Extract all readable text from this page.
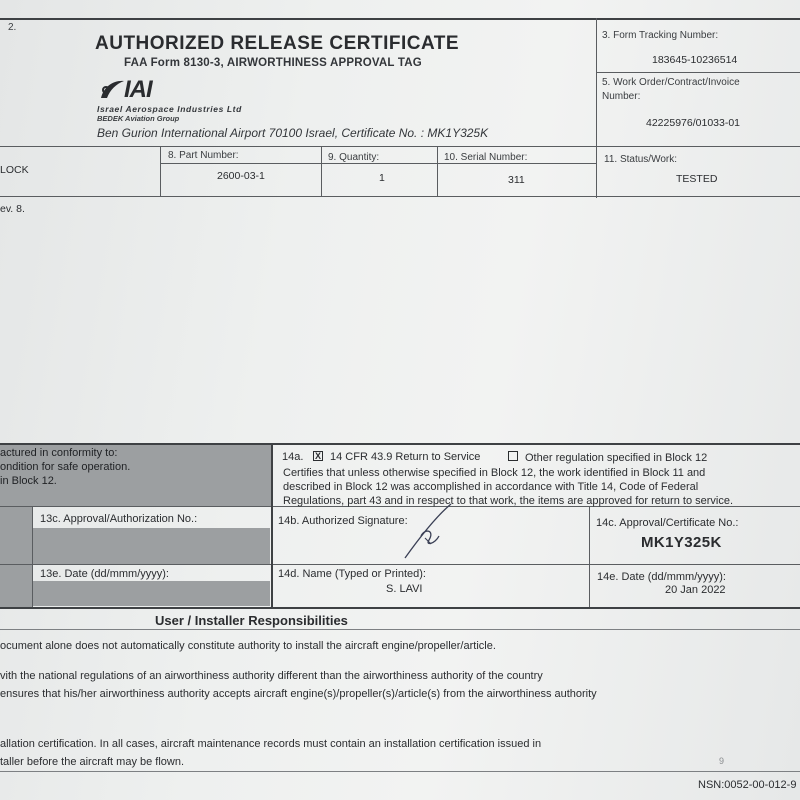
2.
AUTHORIZED RELEASE CERTIFICATE
FAA Form 8130-3, AIRWORTHINESS APPROVAL TAG
IAI
Israel Aerospace Industries Ltd
BEDEK Aviation Group
Ben Gurion International Airport 70100 Israel, Certificate No. : MK1Y325K
3. Form Tracking Number:
183645-10236514
5. Work Order/Contract/Invoice
Number:
42225976/01033-01
LOCK
8. Part Number:
2600-03-1
9. Quantity:
1
10. Serial Number:
311
11. Status/Work:
TESTED
ev. 8.
actured in conformity to:
ondition for safe operation.
in Block 12.
13c. Approval/Authorization No.:
13e. Date (dd/mmm/yyyy):
14a. X 14 CFR 43.9 Return to Service	Other regulation specified in Block 12
Certifies that unless otherwise specified in Block 12, the work identified in Block 11 and
described in Block 12 was accomplished in accordance with Title 14, Code of Federal
Regulations, part 43 and in respect to that work, the items are approved for return to service.
14b. Authorized Signature:	14c. Approval/Certificate No.:
MK1Y325K
14d. Name (Typed or Printed):
S. LAVI
14e. Date (dd/mmm/yyyy):
20 Jan 2022
User / Installer Responsibilities
ocument alone does not automatically constitute authority to install the aircraft engine/propeller/article.
vith the national regulations of an airworthiness authority different than the airworthiness authority of the country
ensures that his/her airworthiness authority accepts aircraft engine(s)/propeller(s)/article(s) from the airworthiness authority
allation certification. In all cases, aircraft maintenance records must contain an installation certification issued in
taller before the aircraft may be flown.	9
NSN:0052-00-012-9
